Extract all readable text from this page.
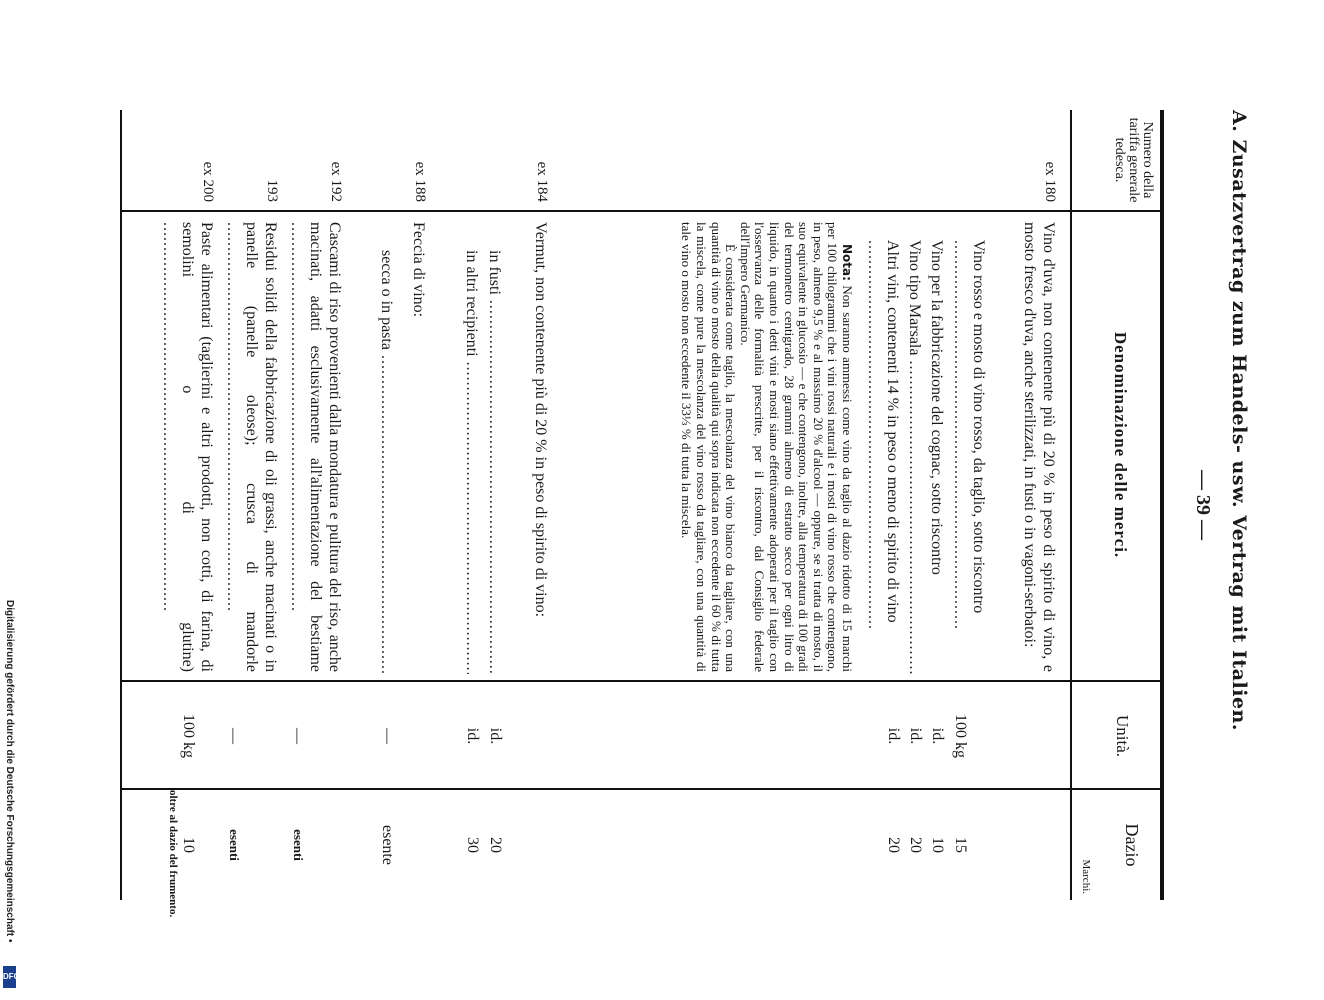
A. Zusatzvertrag zum Handels- usw. Vertrag mit Italien.
— 39 —
Numero della tariffa generale tedesca.
Denominazione delle merci.
Unità.
Dazio
Marchi.
ex 180
Vino d'uva, non contenente più di 20 % in peso di spirito di vino, e mosto fresco d'uva, anche sterilizzati, in fusti o in vagoni-serbatoi:
Vino rosso e mosto di vino rosso, da taglio, sotto riscontro .....
100 kg
15
Vino per la fabbricazione del cognac, sotto riscontro
id.
10
Vino tipo Marsala .....
id.
20
Altri vini, contenenti 14 % in peso o meno di spirito di vino .....
id.
20
Nota: Non saranno ammessi come vino da taglio al dazio ridotto di 15 marchi per 100 chilogrammi che i vini rossi naturali e i mosti di vino rosso che contengono, in peso, almeno 9,5 % e al massimo 20 % d'alcool — oppure, se si tratta di mosto, il suo equivalente in glucosio — e che contengono, inoltre, alla temperatura di 100 gradi del termometro centigrado, 28 grammi almeno di estratto secco per ogni litro di liquido, in quanto i detti vini e mosti siano effettivamente adoperati per il taglio con l'osservanza delle formalità prescritte, per il riscontro, dal Consiglio federale dell'Impero Germanico.
È considerata come taglio, la mescolanza del vino bianco da tagliare, con una quantità di vino o mosto della qualità qui sopra indicata non eccedente il 60 % di tutta la miscela, come pure la mescolanza del vino rosso da tagliare, con una quantità di tale vino o mosto non eccedente il 33⅓ % di tutta la miscela.
ex 184
Vermut, non contenente più di 20 % in peso di spirito di vino:
in fusti .....
id.
20
in altri recipienti .....
id.
30
ex 188
Feccia di vino:
secca o in pasta .....
—
esente
ex 192
Cascami di riso provenienti dalla mondatura e pulitura del riso, anche macinati, adatti esclusivamente all'alimentazione del bestiame .....
—
esenti
193
Residui solidi della fabbricazione di oli grassi, anche macinati o in panelle (panelle oleose); crusca di mandorle .....
—
esenti
ex 200
Paste alimentari (taglierini e altri prodotti, non cotti, di farina, di semolini o di glutine) .....
100 kg
10
oltre al dazio del frumento.
Digitalisierung gefördert durch die Deutsche Forschungsgemeinschaft •
DFG
